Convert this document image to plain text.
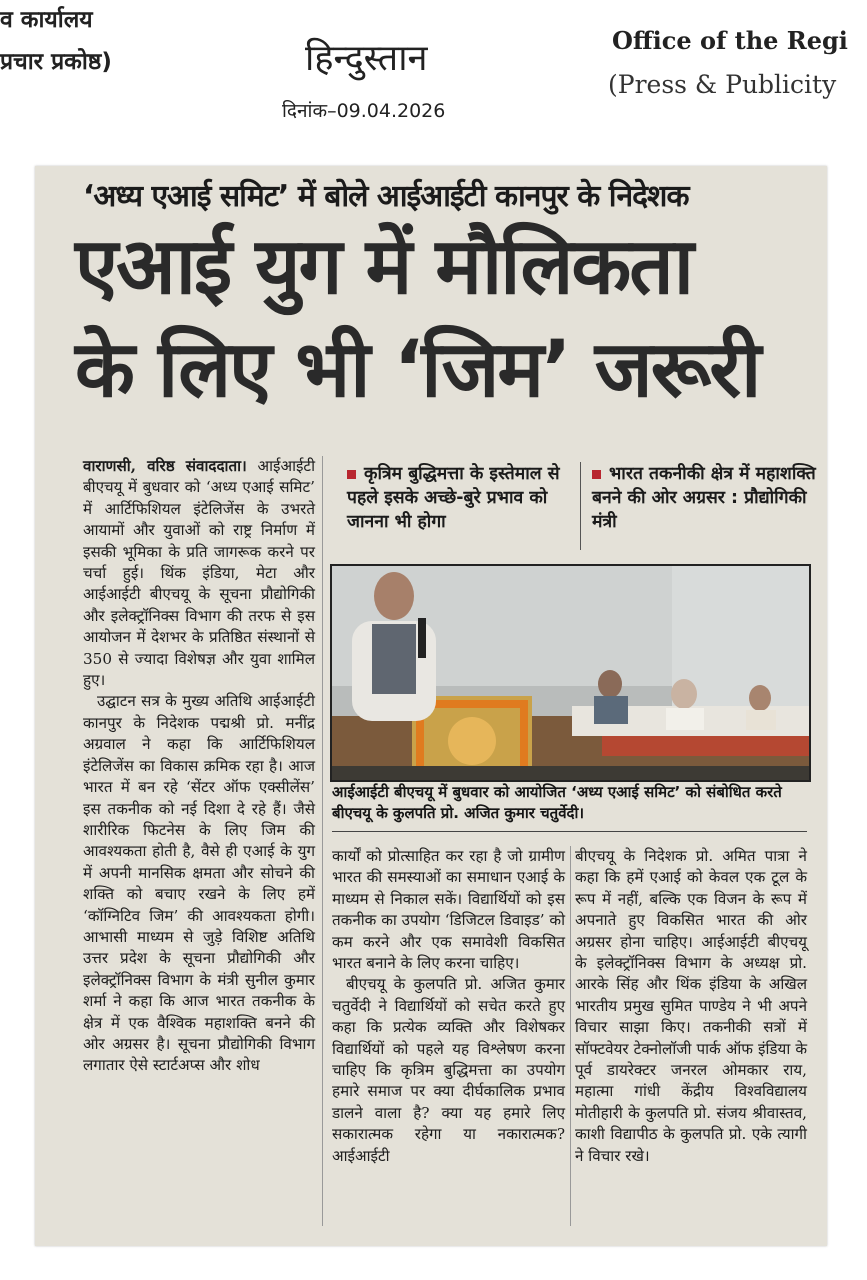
व कार्यालय
प्रचार प्रकोष्ठ)	हिन्दुस्तान
दिनांक–09.04.2026
Office of the Regi
(Press & Publicity
‘अध्य एआई समिट’ में बोले आईआईटी कानपुर के निदेशक
एआई युग में मौलिकता
के लिए भी ‘जिम’ जरूरी

वाराणसी, वरिष्ठ संवाददाता। आईआईटी बीएचयू में बुधवार को ‘अध्य एआई समिट’ में आर्टिफिशियल इंटेलिजेंस के उभरते आयामों और युवाओं को राष्ट्र निर्माण में इसकी भूमिका के प्रति जागरूक करने पर चर्चा हुई। थिंक इंडिया, मेटा और आईआईटी बीएचयू के सूचना प्रौद्योगिकी और इलेक्ट्रॉनिक्स विभाग की तरफ से इस आयोजन में देशभर के प्रतिष्ठित संस्थानों से 350 से ज्यादा विशेषज्ञ और युवा शामिल हुए।

उद्घाटन सत्र के मुख्य अतिथि आईआईटी कानपुर के निदेशक पद्मश्री प्रो. मनींद्र अग्रवाल ने कहा कि आर्टिफिशियल इंटेलिजेंस का विकास क्रमिक रहा है। आज भारत में बन रहे ‘सेंटर ऑफ एक्सीलेंस’ इस तकनीक को नई दिशा दे रहे हैं। जैसे शारीरिक फिटनेस के लिए जिम की आवश्यकता होती है, वैसे ही एआई के युग में अपनी मानसिक क्षमता और सोचने की शक्ति को बचाए रखने के लिए हमें ‘कॉग्निटिव जिम’ की आवश्यकता होगी। आभासी माध्यम से जुड़े विशिष्ट अतिथि उत्तर प्रदेश के सूचना प्रौद्योगिकी और इलेक्ट्रॉनिक्स विभाग के मंत्री सुनील कुमार शर्मा ने कहा कि आज भारत तकनीक के क्षेत्र में एक वैश्विक महाशक्ति बनने की ओर अग्रसर है। सूचना प्रौद्योगिकी विभाग लगातार ऐसे स्टार्टअप्स और शोध

कृत्रिम बुद्धिमत्ता के इस्तेमाल से पहले इसके अच्छे-बुरे प्रभाव को जानना भी होगा
भारत तकनीकी क्षेत्र में महाशक्ति बनने की ओर अग्रसर : प्रौद्योगिकी मंत्री
आईआईटी बीएचयू में बुधवार को आयोजित ‘अध्य एआई समिट’ को संबोधित करते बीएचयू के कुलपति प्रो. अजित कुमार चतुर्वेदी।

कार्यों को प्रोत्साहित कर रहा है जो ग्रामीण भारत की समस्याओं का समाधान एआई के माध्यम से निकाल सकें। विद्यार्थियों को इस तकनीक का उपयोग ‘डिजिटल डिवाइड’ को कम करने और एक समावेशी विकसित भारत बनाने के लिए करना चाहिए।

बीएचयू के कुलपति प्रो. अजित कुमार चतुर्वेदी ने विद्यार्थियों को सचेत करते हुए कहा कि प्रत्येक व्यक्ति और विशेषकर विद्यार्थियों को पहले यह विश्लेषण करना चाहिए कि कृत्रिम बुद्धिमत्ता का उपयोग हमारे समाज पर क्या दीर्घकालिक प्रभाव डालने वाला है? क्या यह हमारे लिए सकारात्मक रहेगा या नकारात्मक? आईआईटी

बीएचयू के निदेशक प्रो. अमित पात्रा ने कहा कि हमें एआई को केवल एक टूल के रूप में नहीं, बल्कि एक विजन के रूप में अपनाते हुए विकसित भारत की ओर अग्रसर होना चाहिए। आईआईटी बीएचयू के इलेक्ट्रॉनिक्स विभाग के अध्यक्ष प्रो. आरके सिंह और थिंक इंडिया के अखिल भारतीय प्रमुख सुमित पाण्डेय ने भी अपने विचार साझा किए। तकनीकी सत्रों में सॉफ्टवेयर टेक्नोलॉजी पार्क ऑफ इंडिया के पूर्व डायरेक्टर जनरल ओमकार राय, महात्मा गांधी केंद्रीय विश्वविद्यालय मोतीहारी के कुलपति प्रो. संजय श्रीवास्तव, काशी विद्यापीठ के कुलपति प्रो. एके त्यागी ने विचार रखे।
